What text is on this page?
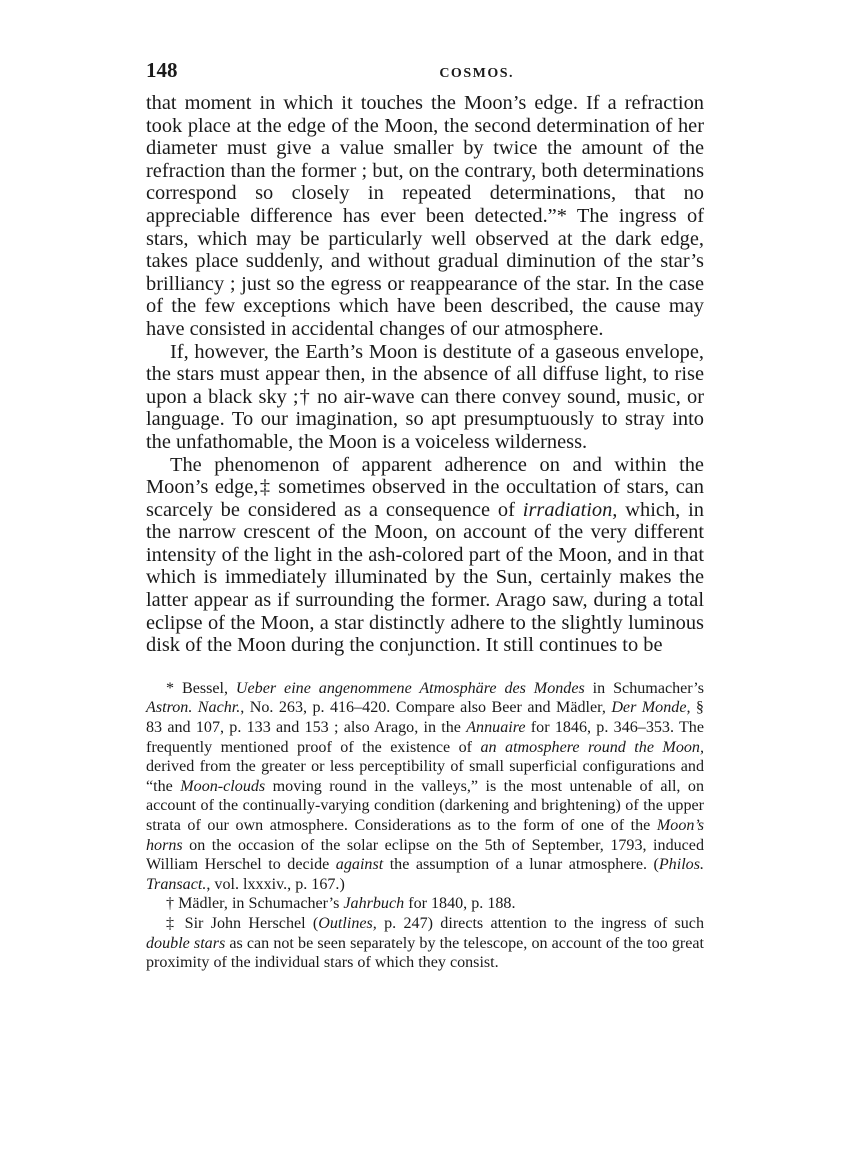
148	COSMOS.

that moment in which it touches the Moon’s edge. If a refraction took place at the edge of the Moon, the second determination of her diameter must give a value smaller by twice the amount of the refraction than the former ; but, on the contrary, both determinations correspond so closely in repeated determinations, that no appreciable difference has ever been detected.”* The ingress of stars, which may be particularly well observed at the dark edge, takes place suddenly, and without gradual diminution of the star’s brilliancy ; just so the egress or reappearance of the star. In the case of the few exceptions which have been described, the cause may have consisted in accidental changes of our atmosphere.

If, however, the Earth’s Moon is destitute of a gaseous envelope, the stars must appear then, in the absence of all diffuse light, to rise upon a black sky ;† no air-wave can there convey sound, music, or language. To our imagination, so apt presumptuously to stray into the unfathomable, the Moon is a voiceless wilderness.

The phenomenon of apparent adherence on and within the Moon’s edge,‡ sometimes observed in the occultation of stars, can scarcely be considered as a consequence of irradiation, which, in the narrow crescent of the Moon, on account of the very different intensity of the light in the ash-colored part of the Moon, and in that which is immediately illuminated by the Sun, certainly makes the latter appear as if surrounding the former. Arago saw, during a total eclipse of the Moon, a star distinctly adhere to the slightly luminous disk of the Moon during the conjunction. It still continues to be

* Bessel, Ueber eine angenommene Atmosphäre des Mondes in Schumacher’s Astron. Nachr., No. 263, p. 416–420. Compare also Beer and Mädler, Der Monde, § 83 and 107, p. 133 and 153 ; also Arago, in the Annuaire for 1846, p. 346–353. The frequently mentioned proof of the existence of an atmosphere round the Moon, derived from the greater or less perceptibility of small superficial configurations and “the Moon-clouds moving round in the valleys,” is the most untenable of all, on account of the continually-varying condition (darkening and brightening) of the upper strata of our own atmosphere. Considerations as to the form of one of the Moon’s horns on the occasion of the solar eclipse on the 5th of September, 1793, induced William Herschel to decide against the assumption of a lunar atmosphere. (Philos. Transact., vol. lxxxiv., p. 167.)

† Mädler, in Schumacher’s Jahrbuch for 1840, p. 188.

‡ Sir John Herschel (Outlines, p. 247) directs attention to the ingress of such double stars as can not be seen separately by the telescope, on account of the too great proximity of the individual stars of which they consist.
